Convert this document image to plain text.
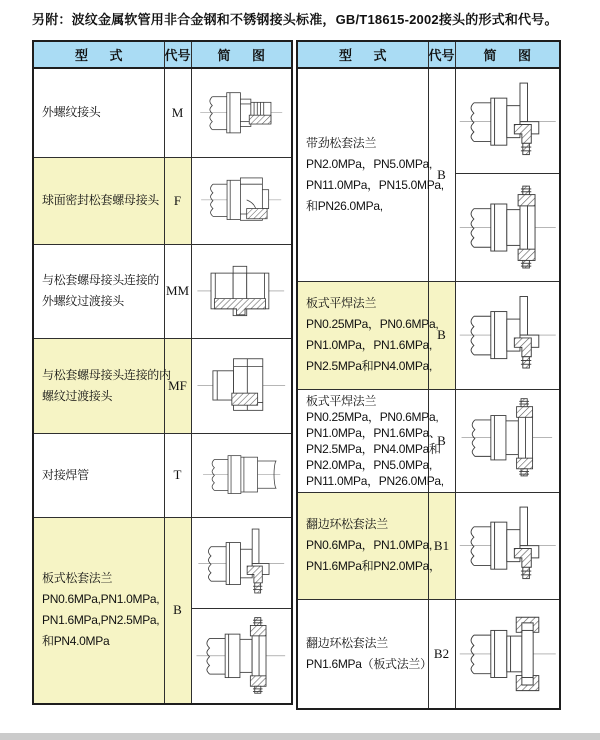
另附：波纹金属软管用非合金钢和不锈钢接头标准，GB/T18615-2002接头的形式和代号。
型 式	代号	简 图

外螺纹接头	M	

球面密封松套螺母接头	F	

与松套螺母接头连接的
外螺纹过渡接头	MM	

与松套螺母接头连接的内
螺纹过渡接头	MF	

对接焊管	T	

板式松套法兰
PN0.6MPa,PN1.0MPa,
PN1.6MPa,PN2.5MPa,
和PN4.0MPa	B	
型 式	代号	简 图

带劲松套法兰
PN2.0MPa，PN5.0MPa,
PN11.0MPa，PN15.0MPa,
和PN26.0MPa,	B	

板式平焊法兰
PN0.25MPa，PN0.6MPa,
PN1.0MPa，PN1.6MPa,
PN2.5MPa和PN4.0MPa,	B	

板式平焊法兰
PN0.25MPa，PN0.6MPa,
PN1.0MPa，PN1.6MPa、
PN2.5MPa，PN4.0MPa和
PN2.0MPa，PN5.0MPa,
PN11.0MPa，PN26.0MPa,
	B	

翻边环松套法兰
PN0.6MPa，PN1.0MPa,
PN1.6MPa和PN2.0MPa，	B1	

翻边环松套法兰
PN1.6MPa（板式法兰）	B2	
